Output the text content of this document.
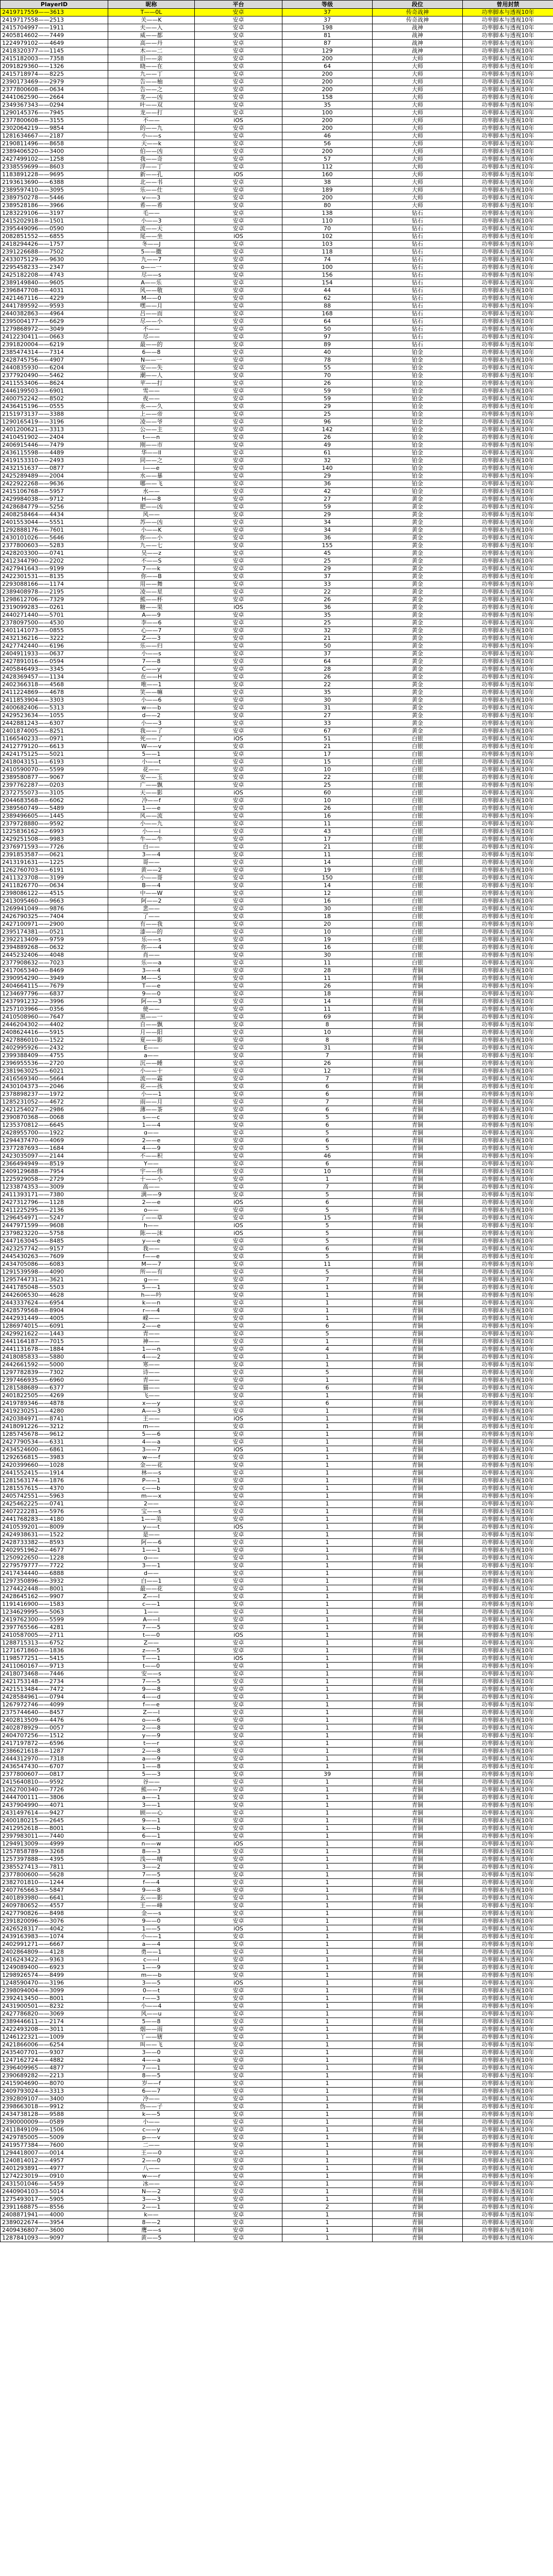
PlayerID	昵称	平台	等级	段位	曾用封禁
2419717559——3613	T——0L	安卓	37	传奇战神	功率脚本与透视10年
2419717558——2513	关——K	安卓	37	传奇战神	功率脚本与透视10年
2415704997——1911	夫——入	安卓	198	战神	功率脚本与透视10年
2405814602——7449	威——都	安卓	81	战神	功率脚本与透视10年
1224979102——4649	高——丹	安卓	87	战神	功率脚本与透视10年
2418320377——1145	木——二	安卓	129	战神	功率脚本与透视10年
2415182003——7358	旧——亲	安卓	200	大师	功率脚本与透视10年
2091829360——1326	晓——在	安卓	64	大师	功率脚本与透视10年
2415718974——8225	九——丁	安卓	200	大师	功率脚本与透视10年
2390173469——2979	告——柚	安卓	200	大师	功率脚本与透视10年
2377800608——0634	告——之	安卓	200	大师	功率脚本与透视10年
2441062590——2664	龙——凶	安卓	158	大师	功率脚本与透视10年
2349367343——0294	叶——双	安卓	35	大师	功率脚本与透视10年
1290145376——7945	龙——打	安卓	100	大师	功率脚本与透视10年
2377800608——3155	不——	iOS	200	大师	功率脚本与透视10年
2302064219——9854	的——九	安卓	200	大师	功率脚本与透视10年
1281634667——2187	小——s	安卓	46	大师	功率脚本与透视10年
2190811496——8658	天——k	安卓	56	大师	功率脚本与透视10年
2389406520——3400	伯——凶	安卓	200	大师	功率脚本与透视10年
2427499102——1258	我——奇	安卓	57	大师	功率脚本与透视10年
2338559699——8603	浮——丁	安卓	112	大师	功率脚本与透视10年
1183891228——9695	新——孔	iOS	160	大师	功率脚本与透视10年
2193613690——6388	北——书	安卓	38	大师	功率脚本与透视10年
2389597410——3095	乐——仕	安卓	189	大师	功率脚本与透视10年
2389750278——5446	v——3	安卓	200	大师	功率脚本与透视10年
2389528186——3966	希——希	安卓	80	大师	功率脚本与透视10年
1283229106——3197	毛——	安卓	138	钻石	功率脚本与透视10年
2415202918——1501	小——3	安卓	110	钻石	功率脚本与透视10年
2395449096——0590	流——天	安卓	70	钻石	功率脚本与透视10年
2082851552——6855	尾——坐	iOS	102	钻石	功率脚本与透视10年
2418294426——1757	冬——J	安卓	103	钻石	功率脚本与透视10年
2391226688——7502	5——撒	安卓	118	钻石	功率脚本与透视10年
2433075129——9630	九——7	安卓	74	钻石	功率脚本与透视10年
2295458233——2347	o——一	安卓	100	钻石	功率脚本与透视10年
2425182208——4743	尽——s	安卓	156	钻石	功率脚本与透视10年
2389149840——9605	A——乐	安卓	154	钻石	功率脚本与透视10年
2396847708——4031	风——敬	安卓	44	钻石	功率脚本与透视10年
2421467116——4229	M——0	安卓	62	钻石	功率脚本与透视10年
2441789592——9593	嘿——月	安卓	88	钻石	功率脚本与透视10年
2440382863——4964	吕——而	安卓	168	钻石	功率脚本与透视10年
2395004177——6629	尽——小	安卓	64	钻石	功率脚本与透视10年
1279868972——3049	不——	安卓	50	钻石	功率脚本与透视10年
2412230411——0663	尽——	安卓	97	钻石	功率脚本与透视10年
2391820004——6219	最——的	安卓	89	钻石	功率脚本与透视10年
2385474314——7314	6——8	安卓	40	铂金	功率脚本与透视10年
2428745756——4907	N——一	安卓	78	铂金	功率脚本与透视10年
2440835930——6204	安——失	安卓	55	铂金	功率脚本与透视10年
2377920490——5462	潮——人	安卓	70	铂金	功率脚本与透视10年
2411553406——8624	苹——打	安卓	26	铂金	功率脚本与透视10年
2446199503——6901	雪——	安卓	59	铂金	功率脚本与透视10年
2400752242——8502	夜——	安卓	59	铂金	功率脚本与透视10年
2436415196——0555	永——久	安卓	29	铂金	功率脚本与透视10年
2151973137——3388	上——帝	安卓	25	铂金	功率脚本与透视10年
1290165419——3196	凌——爷	安卓	96	铂金	功率脚本与透视10年
2401200621——3313	公——主	安卓	142	铂金	功率脚本与透视10年
2410451902——2404	t——n	安卓	26	铂金	功率脚本与透视10年
2406915446——7479	刚——市	安卓	49	铂金	功率脚本与透视10年
2436115598——4489	华——ll	安卓	61	铂金	功率脚本与透视10年
2419153310——2493	同——之	安卓	32	铂金	功率脚本与透视10年
2432151637——0877	i——e	安卓	140	铂金	功率脚本与透视10年
2425289489——2004	水——暴	安卓	29	铂金	功率脚本与透视10年
2422922268——9636	哪——飞	安卓	36	铂金	功率脚本与透视10年
2415106768——5957	水——	安卓	42	铂金	功率脚本与透视10年
2429984038——9712	H——8	安卓	27	黄金	功率脚本与透视10年
2428684779——5256	肥——凶	安卓	59	黄金	功率脚本与透视10年
2408258464——4434	风——	安卓	29	黄金	功率脚本与透视10年
2401553044——5551	苏——凶	安卓	34	黄金	功率脚本与透视10年
1292888176——7601	小——K	安卓	34	黄金	功率脚本与透视10年
2430101026——5646	你——小	安卓	36	黄金	功率脚本与透视10年
2377800603——5283	九——七	安卓	155	黄金	功率脚本与透视10年
2428203300——0741	吴——z	安卓	45	黄金	功率脚本与透视10年
2412344790——2202	不——S	安卓	25	黄金	功率脚本与透视10年
2427941643——9199	7——k	安卓	29	黄金	功率脚本与透视10年
2422301531——8135	你——B	安卓	37	黄金	功率脚本与透视10年
2293088166——1174	用——舞	安卓	33	黄金	功率脚本与透视10年
2389408978——2195	凌——星	安卓	22	黄金	功率脚本与透视10年
1298612706——7329	熊——杯	安卓	26	黄金	功率脚本与透视10年
2319099283——0261	糖——果	iOS	36	黄金	功率脚本与透视10年
2440271440——5701	A——9	安卓	35	黄金	功率脚本与透视10年
2378097500——4530	李——6	安卓	25	黄金	功率脚本与透视10年
2401141073——0855	心——7	安卓	32	黄金	功率脚本与透视10年
2432136216——3222	Z——3	安卓	21	黄金	功率脚本与透视10年
2427742440——6196	乐——归	安卓	50	黄金	功率脚本与透视10年
2404911933——0637	小——s	安卓	37	黄金	功率脚本与透视10年
2427891016——0594	7——8	安卓	64	黄金	功率脚本与透视10年
2405846493——3345	C——y	安卓	28	黄金	功率脚本与透视10年
2428369457——1134	在——H	安卓	26	黄金	功率脚本与透视10年
2402366318——4568	唯——1	安卓	22	黄金	功率脚本与透视10年
2411224869——4678	笑——嘛	安卓	35	黄金	功率脚本与透视10年
2411853904——3303	小——6	安卓	30	黄金	功率脚本与透视10年
2400682406——5313	w——b	安卓	31	黄金	功率脚本与透视10年
2429523634——1055	d——2	安卓	27	黄金	功率脚本与透视10年
2442881243——6307	小——3	安卓	33	黄金	功率脚本与透视10年
2401874005——8251	我——了	安卓	67	黄金	功率脚本与透视10年
1166540233——0971	死——了	iOS	51	白银	功率脚本与透视10年
2412779120——6613	W——v	安卓	21	白银	功率脚本与透视10年
2424175125——5021	5——1	安卓	17	白银	功率脚本与透视10年
2418043151——6193	小——t	安卓	15	白银	功率脚本与透视10年
2410590070——5599	花——	安卓	10	白银	功率脚本与透视10年
2389580877——9067	安——玉	安卓	22	白银	功率脚本与透视10年
2397762287——0203	广——飘	安卓	25	白银	功率脚本与透视10年
2372755073——3105	天——影	iOS	60	白银	功率脚本与透视10年
2044683568——6062	冷——f	安卓	10	白银	功率脚本与透视10年
2389560749——5489	1——e	安卓	26	白银	功率脚本与透视10年
2389496605——1445	风——流	安卓	16	白银	功率脚本与透视10年
2379728880——9592	小——九	安卓	11	白银	功率脚本与透视10年
1225836162——6993	小——i	安卓	43	白银	功率脚本与透视10年
2429251508——9983	牛——牛	安卓	17	白银	功率脚本与透视10年
2376971593——7726	白——	安卓	21	白银	功率脚本与透视10年
2391853587——0621	3——4	安卓	11	白银	功率脚本与透视10年
2413191631——1225	哥——	安卓	14	白银	功率脚本与透视10年
1262760703——6191	黄——2	安卓	19	白银	功率脚本与透视10年
2411323708——3199	小——哥	安卓	150	白银	功率脚本与透视10年
2411826770——0634	B——4	安卓	14	白银	功率脚本与透视10年
2398086122——4515	中——W	安卓	12	白银	功率脚本与透视10年
2413095460——9663	阿——2	安卓	16	白银	功率脚本与透视10年
1269941049——9876	悲——	安卓	30	白银	功率脚本与透视10年
2426790325——7404	了——	安卓	18	白银	功率脚本与透视10年
2427100971——2900	有——我	安卓	20	白银	功率脚本与透视10年
2395174381——0521	漆——的	安卓	10	白银	功率脚本与透视10年
2392213409——9759	乐——s	安卓	19	白银	功率脚本与透视10年
2394889268——0632	你——4	安卓	16	白银	功率脚本与透视10年
2445232406——4048	肖——	安卓	30	白银	功率脚本与透视10年
2377908632——7023	乐——a	安卓	11	白银	功率脚本与透视10年
2417065340——8469	3——4	安卓	28	青铜	功率脚本与透视10年
2390954290——3949	M——S	安卓	11	青铜	功率脚本与透视10年
2404664115——7679	T——e	安卓	26	青铜	功率脚本与透视10年
1234697796——6837	9——0	安卓	18	青铜	功率脚本与透视10年
2437991232——3996	阿——3	安卓	14	青铜	功率脚本与透视10年
1257103966——0356	使——	安卓	11	青铜	功率脚本与透视10年
2410508960——7647	黑——一	安卓	69	青铜	功率脚本与透视10年
2446204302——4402	自——飘	安卓	8	青铜	功率脚本与透视10年
2408624416——5915	月——阳	安卓	10	青铜	功率脚本与透视10年
2427886010——1522	夏——影	安卓	8	青铜	功率脚本与透视10年
2402995926——2432	E——	安卓	31	青铜	功率脚本与透视10年
2399388409——4755	a——	安卓	7	青铜	功率脚本与透视10年
2396955536——2720	沉——睡	安卓	26	青铜	功率脚本与透视10年
2381963025——6021	小——十	安卓	12	青铜	功率脚本与透视10年
2416569340——5664	流——霜	安卓	7	青铜	功率脚本与透视10年
2430104373——2046	花——孩	安卓	6	青铜	功率脚本与透视10年
2378898237——1972	小——1	安卓	6	青铜	功率脚本与透视10年
1285231052——4672	雨——月	安卓	7	青铜	功率脚本与透视10年
2421254027——2986	薄——茶	安卓	6	青铜	功率脚本与透视10年
2390870368——0068	s——c	安卓	5	青铜	功率脚本与透视10年
1235370812——6645	1——4	安卓	6	青铜	功率脚本与透视10年
2428955700——1922	ɑ——	安卓	5	青铜	功率脚本与透视10年
1294437470——4069	2——e	安卓	6	青铜	功率脚本与透视10年
2377287693——1684	4——9	安卓	5	青铜	功率脚本与透视10年
2423035097——2144	不——积	安卓	46	青铜	功率脚本与透视10年
2366494949——8519	Y——	安卓	6	青铜	功率脚本与透视10年
2409129688——7954	宇——伟	安卓	10	青铜	功率脚本与透视10年
1225929058——2729	十——小	安卓	1	青铜	功率脚本与透视10年
1233874353——3009	高——	安卓	7	青铜	功率脚本与透视10年
2411393171——7380	满——9	安卓	5	青铜	功率脚本与透视10年
2427312796——1128	2——e	iOS	6	青铜	功率脚本与透视10年
2411225295——2136	o——	安卓	5	青铜	功率脚本与透视10年
1296454971——5247	了——草	安卓	15	青铜	功率脚本与透视10年
2447971599——9608	h——	iOS	5	青铜	功率脚本与透视10年
2379823220——5758	陈——沫	iOS	5	青铜	功率脚本与透视10年
2447163045——8485	y——e	安卓	5	青铜	功率脚本与透视10年
2423257742——9157	我——	安卓	6	青铜	功率脚本与透视10年
2445430263——7609	f——e	安卓	5	青铜	功率脚本与透视10年
2434705086——6083	M——7	安卓	11	青铜	功率脚本与透视10年
1291539598——4090	所——有	安卓	5	青铜	功率脚本与透视10年
1295744731——3621	g——	安卓	7	青铜	功率脚本与透视10年
2441785048——5503	5——1	安卓	1	青铜	功率脚本与透视10年
2442606530——4628	h——吟	安卓	1	青铜	功率脚本与透视10年
2443337624——6954	k——n	安卓	1	青铜	功率脚本与透视10年
2428579568——8904	r——4	安卓	1	青铜	功率脚本与透视10年
2442931449——4005	嵘——	安卓	1	青铜	功率脚本与透视10年
1286974015——6091	2——e	安卓	6	青铜	功率脚本与透视10年
2429921622——1443	青——	安卓	5	青铜	功率脚本与透视10年
2441164187——7015	神——	安卓	1	青铜	功率脚本与透视10年
2441131678——1884	1——n	安卓	4	青铜	功率脚本与透视10年
2418085833——5880	4——2	安卓	1	青铜	功率脚本与透视10年
2442661592——5000	寒——	安卓	1	青铜	功率脚本与透视10年
1297782839——7302	诗——	安卓	5	青铜	功率脚本与透视10年
2397466935——6960	青——	安卓	1	青铜	功率脚本与透视10年
1281588689——6377	猫——	安卓	6	青铜	功率脚本与透视10年
2401822505——4269	飞——	安卓	1	青铜	功率脚本与透视10年
2419789346——4878	x——y	安卓	6	青铜	功率脚本与透视10年
2419230251——4280	A——3	安卓	1	青铜	功率脚本与透视10年
2420384971——8741	王——	iOS	1	青铜	功率脚本与透视10年
2418091226——3212	m——	安卓	1	青铜	功率脚本与透视10年
1285745678——9612	5——6	安卓	1	青铜	功率脚本与透视10年
2427790534——6331	4——a	安卓	1	青铜	功率脚本与透视10年
2434524600——6861	3——7	iOS	1	青铜	功率脚本与透视10年
1292656815——3983	w——f	安卓	1	青铜	功率脚本与透视10年
2420399660——1028	金——花	安卓	1	青铜	功率脚本与透视10年
2441552415——1914	林——s	安卓	1	青铜	功率脚本与透视10年
1281563174——1876	P——1	安卓	1	青铜	功率脚本与透视10年
1281557615——4370	c——b	安卓	1	青铜	功率脚本与透视10年
2405742551——5963	m——x	安卓	1	青铜	功率脚本与透视10年
2425462225——0741	2——	安卓	1	青铜	功率脚本与透视10年
2407222281——5976	宝——s	安卓	1	青铜	功率脚本与透视10年
2441768283——4180	1——美	安卓	1	青铜	功率脚本与透视10年
2410539201——8009	y——t	iOS	1	青铜	功率脚本与透视10年
2424938631——1522	是——	安卓	1	青铜	功率脚本与透视10年
2428733382——8593	阿——6	安卓	1	青铜	功率脚本与透视10年
2402951962——4677	1——1	安卓	1	青铜	功率脚本与透视10年
1250922650——1228	o——	安卓	1	青铜	功率脚本与透视10年
2279579777——7722	3——1	安卓	1	青铜	功率脚本与透视10年
2417434440——6888	d——	安卓	1	青铜	功率脚本与透视10年
1297350896——3932	白——1	安卓	1	青铜	功率脚本与透视10年
1274422448——8001	最——花	安卓	1	青铜	功率脚本与透视10年
2428645162——9907	Z——l	安卓	1	青铜	功率脚本与透视10年
1191416900——1583	c——1	安卓	1	青铜	功率脚本与透视10年
1234629995——5063	1——	安卓	1	青铜	功率脚本与透视10年
2419762300——5599	A——l	安卓	1	青铜	功率脚本与透视10年
2397765566——4281	7——5	安卓	1	青铜	功率脚本与透视10年
2410587005——2711	t——0	iOS	1	青铜	功率脚本与透视10年
1288715313——6752	Z——	安卓	1	青铜	功率脚本与透视10年
1271671860——1836	z——5	安卓	1	青铜	功率脚本与透视10年
1198577251——5415	T——1	iOS	1	青铜	功率脚本与透视10年
2411060167——9713	t——0	安卓	1	青铜	功率脚本与透视10年
2418073468——7446	安——s	安卓	1	青铜	功率脚本与透视10年
2421753148——2734	7——5	安卓	1	青铜	功率脚本与透视10年
2421513484——7472	9——8	安卓	1	青铜	功率脚本与透视10年
2428584961——0794	4——d	安卓	1	青铜	功率脚本与透视10年
1267972746——4099	f——e	安卓	1	青铜	功率脚本与透视10年
2375744640——8457	Z——l	安卓	1	青铜	功率脚本与透视10年
2402813509——4476	o——6	安卓	1	青铜	功率脚本与透视10年
2402878929——0057	2——8	安卓	1	青铜	功率脚本与透视10年
2404707256——1512	y——9	安卓	1	青铜	功率脚本与透视10年
2417197872——6596	t——r	安卓	1	青铜	功率脚本与透视10年
2386621618——1287	2——8	安卓	1	青铜	功率脚本与透视10年
2444312970——7318	a——9	安卓	1	青铜	功率脚本与透视10年
2436547430——6707	1——8	安卓	1	青铜	功率脚本与透视10年
2377800607——0817	5——3	安卓	39	青铜	功率脚本与透视10年
2415640810——9592	谷——	安卓	1	青铜	功率脚本与透视10年
1262700340——7726	熊——7	安卓	1	青铜	功率脚本与透视10年
2444700111——3806	a——1	安卓	1	青铜	功率脚本与透视10年
2437904990——4071	3——1	安卓	1	青铜	功率脚本与透视10年
2431497614——9427	顾——心	安卓	1	青铜	功率脚本与透视10年
2400180215——2645	9——1	安卓	1	青铜	功率脚本与透视10年
2412952618——8001	k——b	安卓	1	青铜	功率脚本与透视10年
2397983011——7440	6——1	安卓	1	青铜	功率脚本与透视10年
1294913009——4999	n——w	iOS	1	青铜	功率脚本与透视10年
1257858789——3268	8——3	安卓	1	青铜	功率脚本与透视10年
1257397888——4395	浅——晴	安卓	1	青铜	功率脚本与透视10年
2385527413——7811	3——2	安卓	1	青铜	功率脚本与透视10年
2377800600——5628	7——5	安卓	1	青铜	功率脚本与透视10年
2382701810——1244	f——4	安卓	1	青铜	功率脚本与透视10年
2407765663——5847	9——8	安卓	1	青铜	功率脚本与透视10年
2401893980——6641	玄——影	安卓	1	青铜	功率脚本与透视10年
2409780652——4557	王——峰	安卓	1	青铜	功率脚本与透视10年
2427790826——8498	金——s	安卓	1	青铜	功率脚本与透视10年
2391820096——3076	9——0	安卓	1	青铜	功率脚本与透视10年
2426528317——4042	1——5	iOS	1	青铜	功率脚本与透视10年
2439163983——1074	小——1	安卓	1	青铜	功率脚本与透视10年
2402991271——6667	a——4	安卓	1	青铜	功率脚本与透视10年
2402864809——4128	勇——1	安卓	1	青铜	功率脚本与透视10年
2416243422——9363	c——l	安卓	1	青铜	功率脚本与透视10年
1249089400——6923	1——9	安卓	1	青铜	功率脚本与透视10年
1298926574——8499	m——b	安卓	1	青铜	功率脚本与透视10年
1248590470——3196	3——5	iOS	1	青铜	功率脚本与透视10年
2398094004——3099	0——t	安卓	1	青铜	功率脚本与透视10年
2392413450——8001	r——3	安卓	1	青铜	功率脚本与透视10年
2431900501——8232	小——4	安卓	1	青铜	功率脚本与透视10年
2427786820——3069	风——u	安卓	1	青铜	功率脚本与透视10年
2389446611——2174	5——8	安卓	1	青铜	功率脚本与透视10年
2422493208——3011	烟——雨	安卓	1	青铜	功率脚本与透视10年
1246122321——1009	丫——辖	安卓	1	青铜	功率脚本与透视10年
2421866006——6254	叫——飞	安卓	1	青铜	功率脚本与透视10年
2435407701——9307	3——0	安卓	1	青铜	功率脚本与透视10年
1247162724——4882	4——a	安卓	1	青铜	功率脚本与透视10年
2396409965——4877	7——1	安卓	1	青铜	功率脚本与透视10年
2390689282——2213	8——5	安卓	1	青铜	功率脚本与透视10年
2415904690——8070	岁——f	安卓	1	青铜	功率脚本与透视10年
2409793024——3313	6——7	安卓	1	青铜	功率脚本与透视10年
2392809107——3400	冷——	安卓	1	青铜	功率脚本与透视10年
2398663018——9912	伪——子	安卓	1	青铜	功率脚本与透视10年
2434738128——9588	k——5	安卓	1	青铜	功率脚本与透视10年
2390000009——0589	小——	安卓	1	青铜	功率脚本与透视10年
2411849109——1506	c——y	安卓	1	青铜	功率脚本与透视10年
2429785005——5009	p——v	安卓	1	青铜	功率脚本与透视10年
2419577384——7600	二——	安卓	1	青铜	功率脚本与透视10年
1294418007——0014	王——0	安卓	1	青铜	功率脚本与透视10年
1240814012——4957	2——0	安卓	1	青铜	功率脚本与透视10年
2401293891——4977	八——	安卓	1	青铜	功率脚本与透视10年
1274223019——0910	w——r	安卓	1	青铜	功率脚本与透视10年
2431501046——5459	冰——	安卓	1	青铜	功率脚本与透视10年
2440904103——5014	N——2	安卓	1	青铜	功率脚本与透视10年
1275493017——5905	3——3	安卓	1	青铜	功率脚本与透视10年
2391168875——8556	2——1	安卓	2	青铜	功率脚本与透视10年
2408871941——4000	k——	安卓	1	青铜	功率脚本与透视10年
2389022674——3954	8——2	安卓	1	青铜	功率脚本与透视10年
2409436807——3600	鹰——s	安卓	1	青铜	功率脚本与透视10年
1287841093——9097	黄——5	安卓	1	青铜	功率脚本与透视10年
